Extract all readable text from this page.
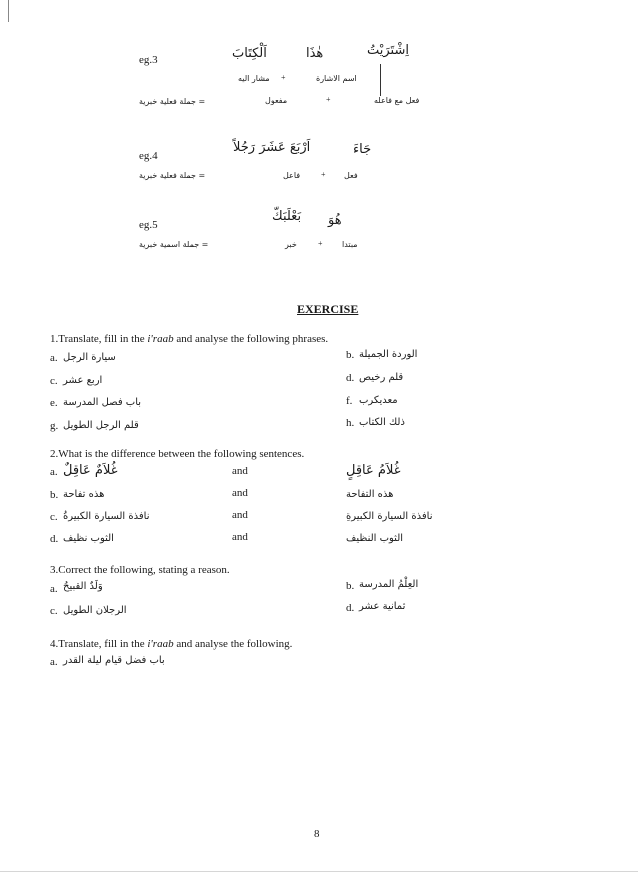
eg.3
اِشْتَرَيْتُ
هٰذَا
اَلْكِتَابَ
اسم الاشارة
+
مشار اليه
فعل مع فاعله
+
مفعول
= جملة فعلية خبرية
eg.4	جَاءَ
اَرْبَعَ عَشَرَ رَجُلاً
فعل
+
فاعل
= جملة فعلية خبرية
eg.5	هُوَ
بَعْلَبَكّ
مبتدا
+
خبر
= جملة اسمية خبرية
EXERCISE
1.Translate, fill in the i'raab and analyse the following phrases.
a. سيارة الرجل	b. الوردة الجميلة
c. اربع عشر	d. قلم رخيص
e. باب فصل المدرسة	f. معديكرب
g. قلم الرجل الطويل	h. ذلك الكتاب
2.What is the difference between the following sentences.
a. غُلاَمٌ عَاقِلٌ	and	غُلاَمُ عَاقِلٍ
b. هذه تفاحة	and	هذه التفاحة
c. نافذة السيارة الكبيرةُ	and	نافذة السيارة الكبيرةِ
d. الثوب نظيف	and	الثوب النظيف
3.Correct the following, stating a reason.
a. وَلَدٌ القبيحُ	b. العِلْمُ المدرسة
c. الرجلان الطويل	d. ثمانية عشر
4.Translate, fill in the i'raab and analyse the following.
a. باب فضل قيام ليلة القدر
8
